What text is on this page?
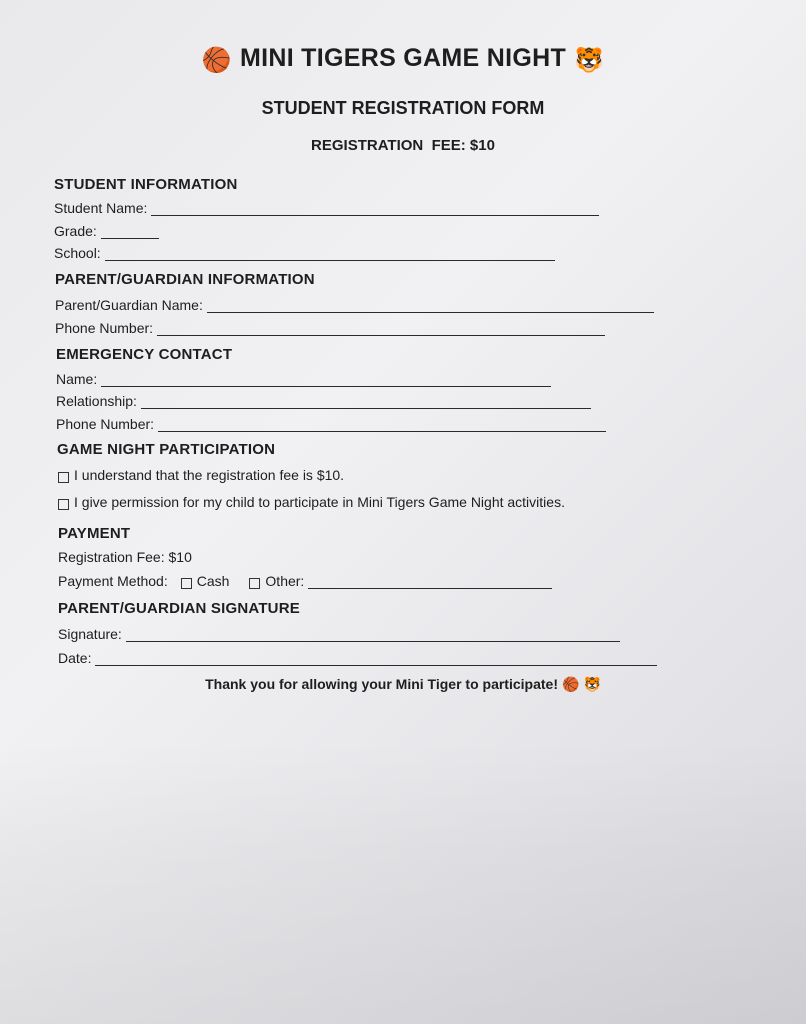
🏀 MINI TIGERS GAME NIGHT 🐯
STUDENT REGISTRATION FORM
REGISTRATION  FEE: $10
STUDENT INFORMATION
Student Name:
Grade:
School:
PARENT/GUARDIAN INFORMATION
Parent/Guardian Name:
Phone Number:
EMERGENCY CONTACT
Name:
Relationship:
Phone Number:
GAME NIGHT PARTICIPATION
I understand that the registration fee is $10.
I give permission for my child to participate in Mini Tigers Game Night activities.
PAYMENT
Registration Fee: $10
Payment Method: Cash	Other:
PARENT/GUARDIAN SIGNATURE
Signature:
Date:
Thank you for allowing your Mini Tiger to participate! 🏀 🐯
